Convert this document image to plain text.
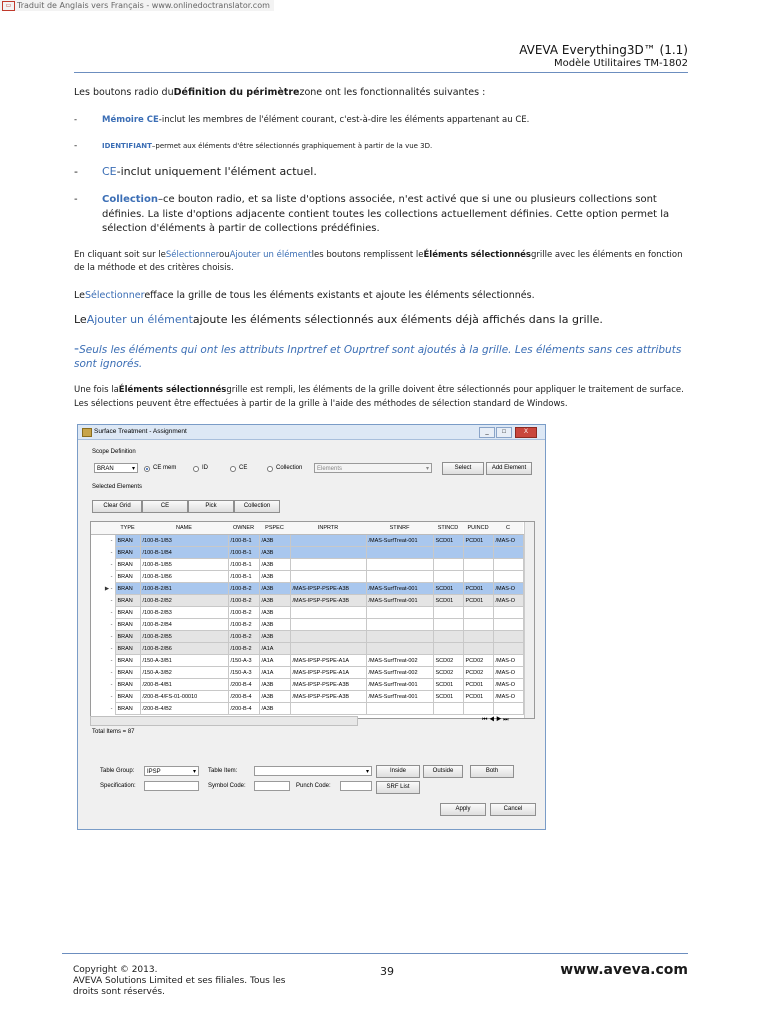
▭ Traduit de Anglais vers Français - www.onlinedoctranslator.com
AVEVA Everything3D™ (1.1)
Modèle Utilitaires TM-1802
Les boutons radio duDéfinition du périmètrezone ont les fonctionnalités suivantes :
-	Mémoire CE-inclut les membres de l'élément courant, c'est-à-dire les éléments appartenant au CE.
-	IDENTIFIANT–permet aux éléments d'être sélectionnés graphiquement à partir de la vue 3D.
- CE-inclut uniquement l'élément actuel.
- Collection–ce bouton radio, et sa liste d'options associée, n'est activé que si une ou plusieurs collections sont définies. La liste d'options adjacente contient toutes les collections actuellement définies. Cette option permet la sélection d'éléments à partir de collections prédéfinies.
En cliquant soit sur leSélectionnerouAjouter un élémentles boutons remplissent leÉléments sélectionnésgrille avec les éléments en fonction de la méthode et des critères choisis.
LeSélectionnerefface la grille de tous les éléments existants et ajoute les éléments sélectionnés.
LeAjouter un élémentajoute les éléments sélectionnés aux éléments déjà affichés dans la grille.
-Seuls les éléments qui ont les attributs Inprtref et Ouprtref sont ajoutés à la grille. Les éléments sans ces attributs sont ignorés.
Une fois laÉléments sélectionnésgrille est rempli, les éléments de la grille doivent être sélectionnés pour appliquer le traitement de surface. Les sélections peuvent être effectuées à partir de la grille à l'aide des méthodes de sélection standard de Windows.
Surface Treatment - Assignment	_	□	X
Scope Definition
BRAN	▾	CE mem	ID	CE	Collection	Elements	▾	Select	Add Element
Selected Elements
Clear Grid	CE	Pick	Collection
	TYPE	NAME	OWNER	PSPEC	INPRTR	STINRF	STINCD	PUINCD	C
-	BRAN	/100-B-1/B3	/100-B-1	/A3B		/MAS-SurfTreat-001	SCD01	PCD01	/MAS-O
-	BRAN	/100-B-1/B4	/100-B-1	/A3B					
-	BRAN	/100-B-1/B5	/100-B-1	/A3B					
-	BRAN	/100-B-1/B6	/100-B-1	/A3B					
▶ -	BRAN	/100-B-2/B1	/100-B-2	/A3B	/MAS-IPSP-PSPE-A3B	/MAS-SurfTreat-001	SCD01	PCD01	/MAS-O
-	BRAN	/100-B-2/B2	/100-B-2	/A3B	/MAS-IPSP-PSPE-A3B	/MAS-SurfTreat-001	SCD01	PCD01	/MAS-O
-	BRAN	/100-B-2/B3	/100-B-2	/A3B					
-	BRAN	/100-B-2/B4	/100-B-2	/A3B					
-	BRAN	/100-B-2/B5	/100-B-2	/A3B					
-	BRAN	/100-B-2/B6	/100-B-2	/A1A					
-	BRAN	/150-A-3/B1	/150-A-3	/A1A	/MAS-IPSP-PSPE-A1A	/MAS-SurfTreat-002	SCD02	PCD02	/MAS-O
-	BRAN	/150-A-3/B2	/150-A-3	/A1A	/MAS-IPSP-PSPE-A1A	/MAS-SurfTreat-002	SCD02	PCD02	/MAS-O
-	BRAN	/200-B-4/B1	/200-B-4	/A3B	/MAS-IPSP-PSPE-A3B	/MAS-SurfTreat-001	SCD01	PCD01	/MAS-O
-	BRAN	/200-B-4/FS-01-00010	/200-B-4	/A3B	/MAS-IPSP-PSPE-A3B	/MAS-SurfTreat-001	SCD01	PCD01	/MAS-O
-	BRAN	/200-B-4/B2	/200-B-4	/A3B					
⏮ ◀ ▶ ⏭
Total Items = 87
Table Group:	IPSP	▾ Table Item:	▾	Inside	Outside	Both
Specification:	Symbol Code:	Punch Code:	SRF List
Apply	Cancel
Copyright © 2013.
AVEVA Solutions Limited et ses filiales. Tous les droits sont réservés.
39	www.aveva.com
